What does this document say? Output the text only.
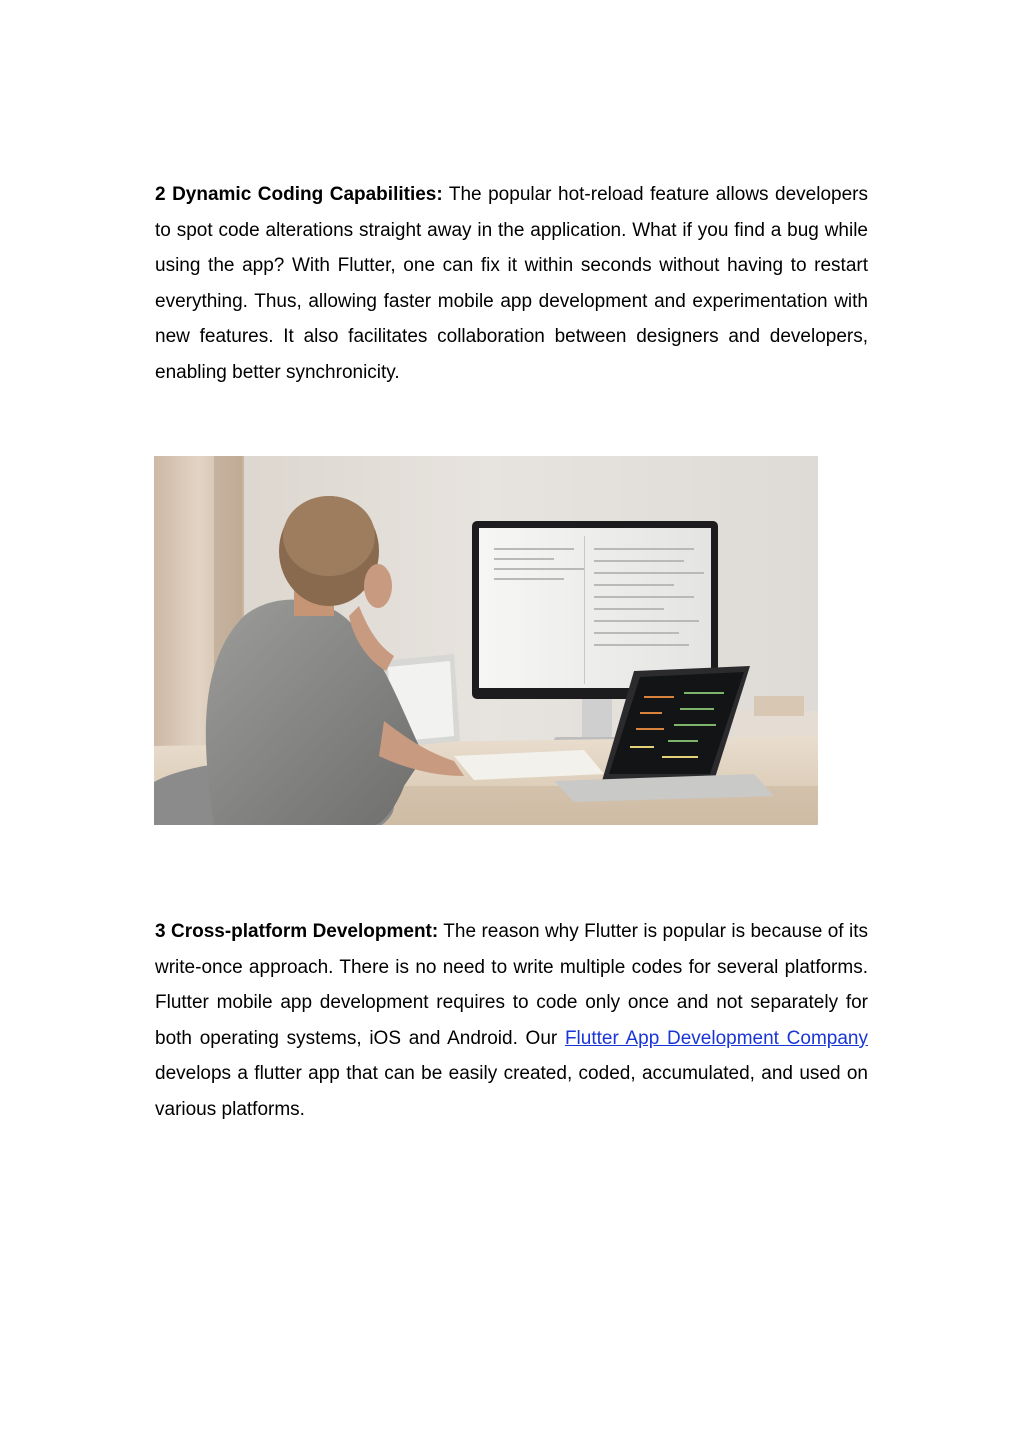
2 Dynamic Coding Capabilities: The popular hot-reload feature allows developers to spot code alterations straight away in the application. What if you find a bug while using the app? With Flutter, one can fix it within seconds without having to restart everything. Thus, allowing faster mobile app development and experimentation with new features. It also facilitates collaboration between designers and developers, enabling better synchronicity.

3 Cross-platform Development: The reason why Flutter is popular is because of its write-once approach. There is no need to write multiple codes for several platforms. Flutter mobile app development requires to code only once and not separately for both operating systems, iOS and Android. Our Flutter App Development Company develops a flutter app that can be easily created, coded, accumulated, and used on various platforms.
